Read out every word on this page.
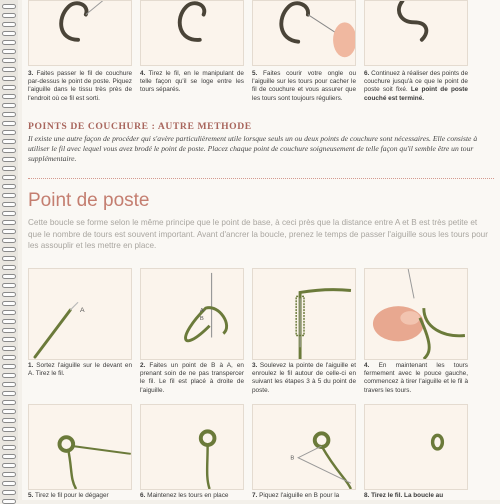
3. Faites passer le fil de couchure par-dessus le point de poste. Piquez l'aiguille dans le tissu très près de l'endroit où ce fil est sorti.
4. Tirez le fil, en le manipulant de telle façon qu'il se loge entre les tours séparés.
5. Faites courir votre ongle ou l'aiguille sur les tours pour cacher le fil de couchure et vous assurer que les tours sont toujours réguliers.
6. Continuez à réaliser des points de couchure jusqu'à ce que le point de poste soit fixé. Le point de poste couché est terminé.
POINTS DE COUCHURE : AUTRE METHODE
Il existe une autre façon de procéder qui s'avère particulièrement utile lorsque seuls un ou deux points de couchure sont nécessaires. Elle consiste à utiliser le fil avec lequel vous avez brodé le point de poste. Placez chaque point de couchure soigneusement de telle façon qu'il semble être un tour supplémentaire.
Point de poste
Cette boucle se forme selon le même principe que le point de base, à ceci près que la distance entre A et B est très petite et que le nombre de tours est souvent important. Avant d'ancrer la boucle, prenez le temps de passer l'aiguille sous les tours pour les assouplir et les mettre en place.
A	A
B
1. Sortez l'aiguille sur le devant en A. Tirez le fil.
2. Faites un point de B à A, en prenant soin de ne pas transpercer le fil. Le fil est placé à droite de l'aiguille.
3. Soulevez la pointe de l'aiguille et enroulez le fil autour de celle-ci en suivant les étapes 3 à 5 du point de poste.
4. En maintenant les tours fermement avec le pouce gauche, commencez à tirer l'aiguille et le fil à travers les tours.
B
5. Tirez le fil pour le dégager	6. Maintenez les tours en place	7. Piquez l'aiguille en B pour la	8. Tirez le fil. La boucle au
